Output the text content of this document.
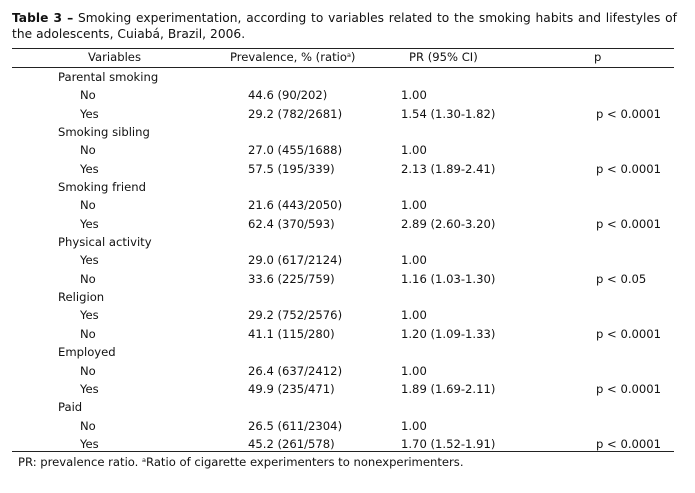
Table 3 – Smoking experimentation, according to variables related to the smoking habits and lifestyles of the adolescents, Cuiabá, Brazil, 2006.
Variables	Prevalence, % (ratio$^a$)	PR (95% CI)	p
Parental smoking
No	44.6 (90/202)	1.00
Yes	29.2 (782/2681)	1.54 (1.30-1.82)	p < 0.0001
Smoking sibling
No	27.0 (455/1688)	1.00
Yes	57.5 (195/339)	2.13 (1.89-2.41)	p < 0.0001
Smoking friend
No	21.6 (443/2050)	1.00
Yes	62.4 (370/593)	2.89 (2.60-3.20)	p < 0.0001
Physical activity
Yes	29.0 (617/2124)	1.00
No	33.6 (225/759)	1.16 (1.03-1.30)	p < 0.05
Religion
Yes	29.2 (752/2576)	1.00
No	41.1 (115/280)	1.20 (1.09-1.33)	p < 0.0001
Employed
No	26.4 (637/2412)	1.00
Yes	49.9 (235/471)	1.89 (1.69-2.11)	p < 0.0001
Paid
No	26.5 (611/2304)	1.00
Yes	45.2 (261/578)	1.70 (1.52-1.91)	p < 0.0001
PR: prevalence ratio. $^a$Ratio of cigarette experimenters to nonexperimenters.
